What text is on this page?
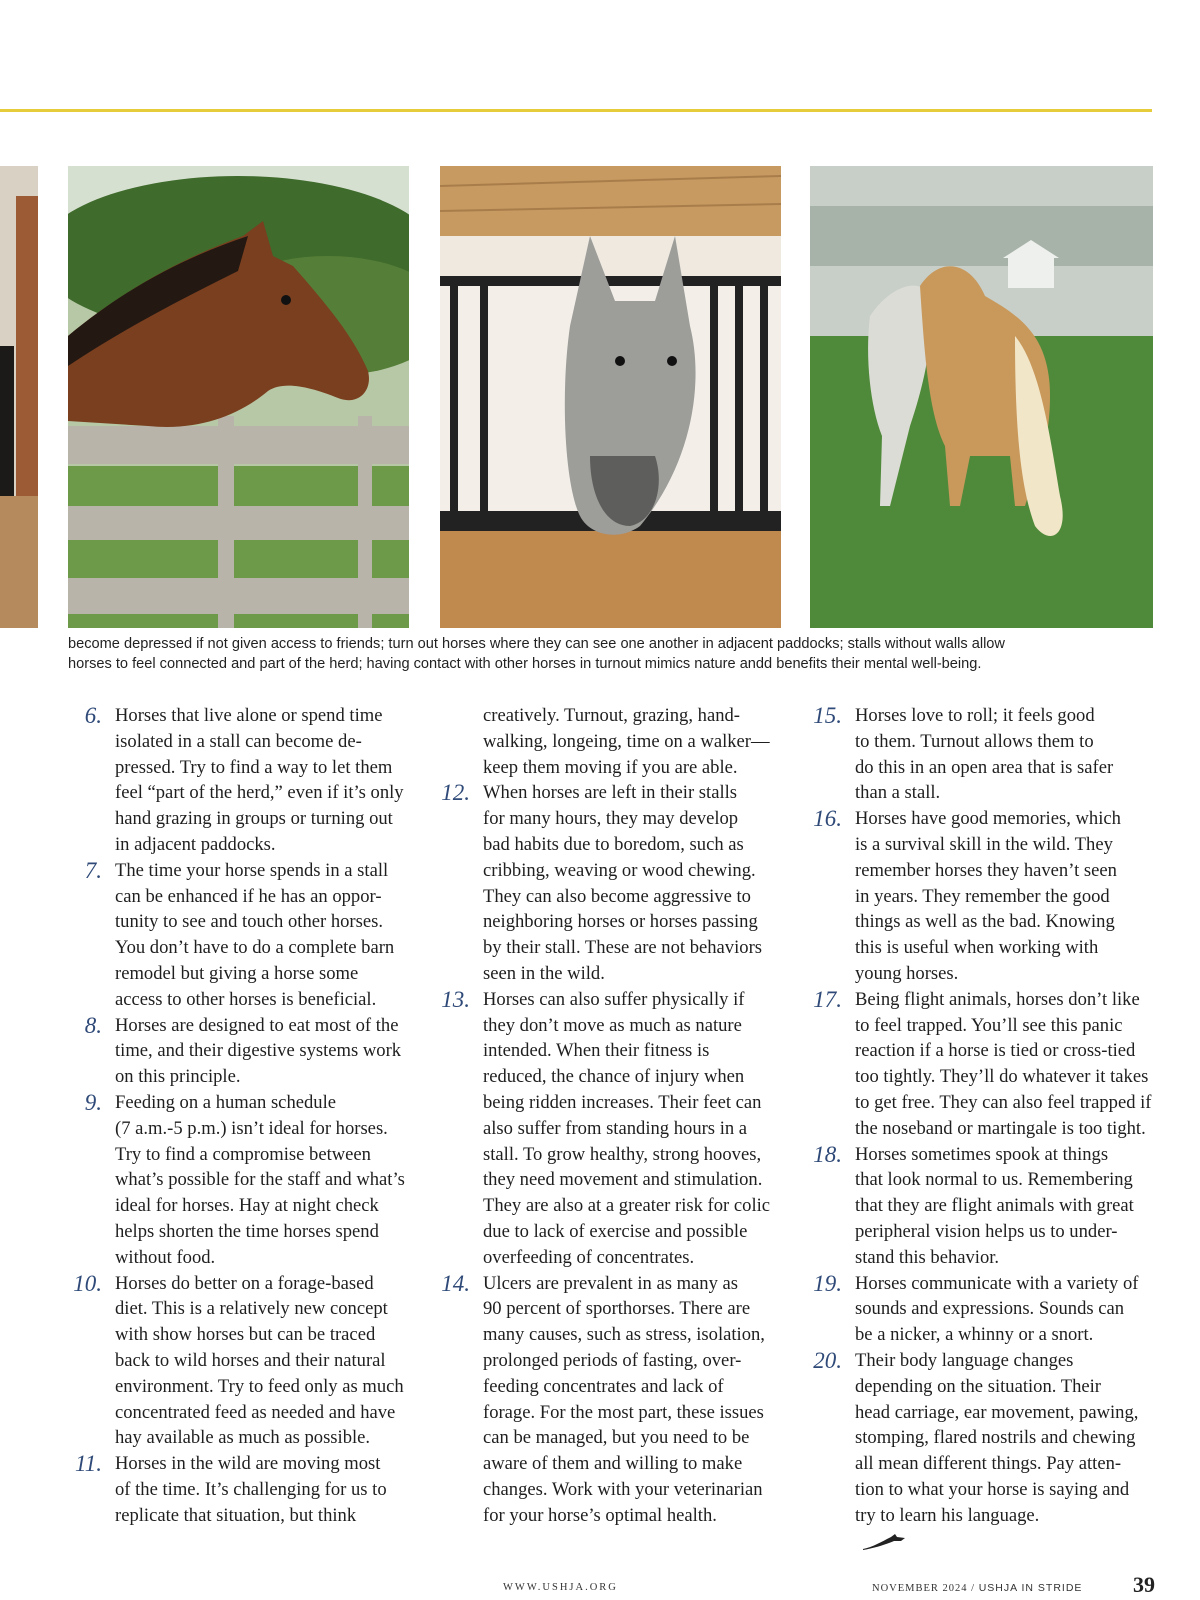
become depressed if not given access to friends; turn out horses where they can see one another in adjacent paddocks; stalls without walls allow
horses to feel connected and part of the herd; having contact with other horses in turnout mimics nature andd benefits their mental well-being.
6. Horses that live alone or spend time
isolated in a stall can become de-
pressed. Try to find a way to let them
feel “part of the herd,” even if it’s only
hand grazing in groups or turning out
in adjacent paddocks.
7. The time your horse spends in a stall
can be enhanced if he has an oppor-
tunity to see and touch other horses.
You don’t have to do a complete barn
remodel but giving a horse some
access to other horses is beneficial.
8. Horses are designed to eat most of the
time, and their digestive systems work
on this principle.
9. Feeding on a human schedule
(7 a.m.-5 p.m.) isn’t ideal for horses.
Try to find a compromise between
what’s possible for the staff and what’s
ideal for horses. Hay at night check
helps shorten the time horses spend
without food.
10. Horses do better on a forage-based
diet. This is a relatively new concept
with show horses but can be traced
back to wild horses and their natural
environment. Try to feed only as much
concentrated feed as needed and have
hay available as much as possible.
11. Horses in the wild are moving most
of the time. It’s challenging for us to
replicate that situation, but think
creatively. Turnout, grazing, hand-
walking, longeing, time on a walker—
keep them moving if you are able.
12. When horses are left in their stalls
for many hours, they may develop
bad habits due to boredom, such as
cribbing, weaving or wood chewing.
They can also become aggressive to
neighboring horses or horses passing
by their stall. These are not behaviors
seen in the wild.
13. Horses can also suffer physically if
they don’t move as much as nature
intended. When their fitness is
reduced, the chance of injury when
being ridden increases. Their feet can
also suffer from standing hours in a
stall. To grow healthy, strong hooves,
they need movement and stimulation.
They are also at a greater risk for colic
due to lack of exercise and possible
overfeeding of concentrates.
14. Ulcers are prevalent in as many as
90 percent of sporthorses. There are
many causes, such as stress, isolation,
prolonged periods of fasting, over-
feeding concentrates and lack of
forage. For the most part, these issues
can be managed, but you need to be
aware of them and willing to make
changes. Work with your veterinarian
for your horse’s optimal health.
15. Horses love to roll; it feels good
to them. Turnout allows them to
do this in an open area that is safer
than a stall.
16. Horses have good memories, which
is a survival skill in the wild. They
remember horses they haven’t seen
in years. They remember the good
things as well as the bad. Knowing
this is useful when working with
young horses.
17. Being flight animals, horses don’t like
to feel trapped. You’ll see this panic
reaction if a horse is tied or cross-tied
too tightly. They’ll do whatever it takes
to get free. They can also feel trapped if
the noseband or martingale is too tight.
18. Horses sometimes spook at things
that look normal to us. Remembering
that they are flight animals with great
peripheral vision helps us to under-
stand this behavior.
19. Horses communicate with a variety of
sounds and expressions. Sounds can
be a nicker, a whinny or a snort.
20. Their body language changes
depending on the situation. Their
head carriage, ear movement, pawing,
stomping, flared nostrils and chewing
all mean different things. Pay atten-
tion to what your horse is saying and
try to learn his language.
WWW.USHJA.ORG	NOVEMBER 2024 / USHJA IN STRIDE 39
